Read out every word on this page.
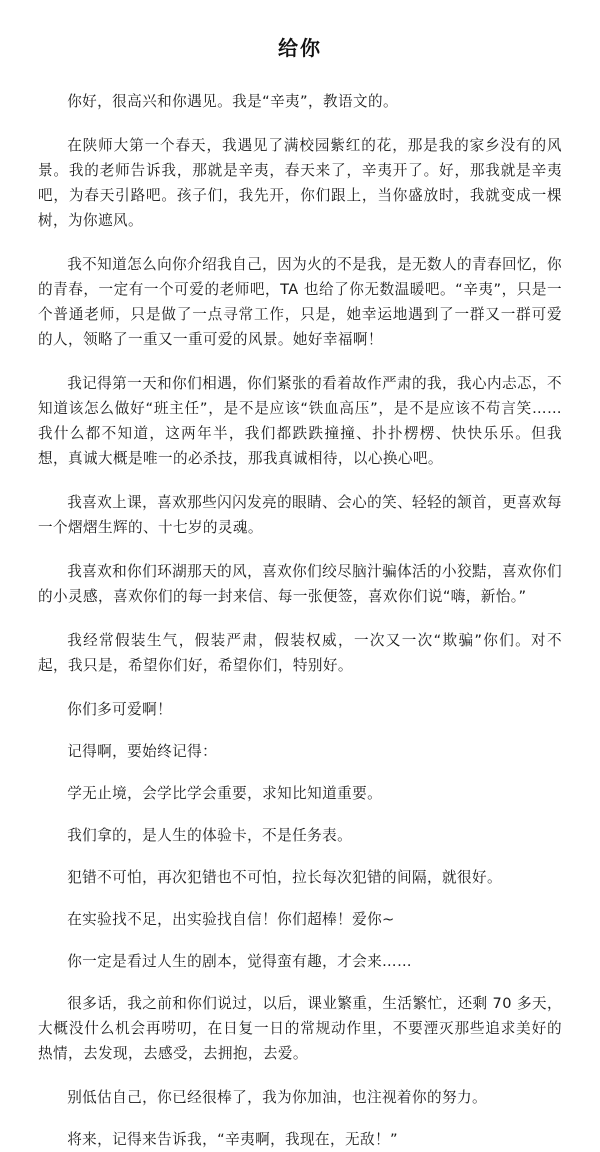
给你

你好，很高兴和你遇见。我是“辛夷”，教语文的。

在陕师大第一个春天，我遇见了满校园紫红的花，那是我的家乡没有的风景。我的老师告诉我，那就是辛夷，春天来了，辛夷开了。好，那我就是辛夷吧，为春天引路吧。孩子们，我先开，你们跟上，当你盛放时，我就变成一棵树，为你遮风。

我不知道怎么向你介绍我自己，因为火的不是我，是无数人的青春回忆，你的青春，一定有一个可爱的老师吧，TA 也给了你无数温暖吧。“辛夷”，只是一个普通老师，只是做了一点寻常工作，只是，她幸运地遇到了一群又一群可爱的人，领略了一重又一重可爱的风景。她好幸福啊！

我记得第一天和你们相遇，你们紧张的看着故作严肃的我，我心内忐忑，不知道该怎么做好“班主任”，是不是应该“铁血高压”，是不是应该不苟言笑……我什么都不知道，这两年半，我们都跌跌撞撞、扑扑楞楞、快快乐乐。但我想，真诚大概是唯一的必杀技，那我真诚相待，以心换心吧。

我喜欢上课，喜欢那些闪闪发亮的眼睛、会心的笑、轻轻的颔首，更喜欢每一个熠熠生辉的、十七岁的灵魂。

我喜欢和你们环湖那天的风，喜欢你们绞尽脑汁骗体活的小狡黠，喜欢你们的小灵感，喜欢你们的每一封来信、每一张便签，喜欢你们说“嗨，新怡。”

我经常假装生气，假装严肃，假装权威，一次又一次“欺骗”你们。对不起，我只是，希望你们好，希望你们，特别好。

你们多可爱啊！

记得啊，要始终记得：

学无止境，会学比学会重要，求知比知道重要。

我们拿的，是人生的体验卡，不是任务表。

犯错不可怕，再次犯错也不可怕，拉长每次犯错的间隔，就很好。

在实验找不足，出实验找自信！你们超棒！爱你~

你一定是看过人生的剧本，觉得蛮有趣，才会来……

很多话，我之前和你们说过，以后，课业繁重，生活繁忙，还剩 70 多天，大概没什么机会再唠叨，在日复一日的常规动作里，不要湮灭那些追求美好的热情，去发现，去感受，去拥抱，去爱。

别低估自己，你已经很棒了，我为你加油，也注视着你的努力。

将来，记得来告诉我，“辛夷啊，我现在，无敌！”
